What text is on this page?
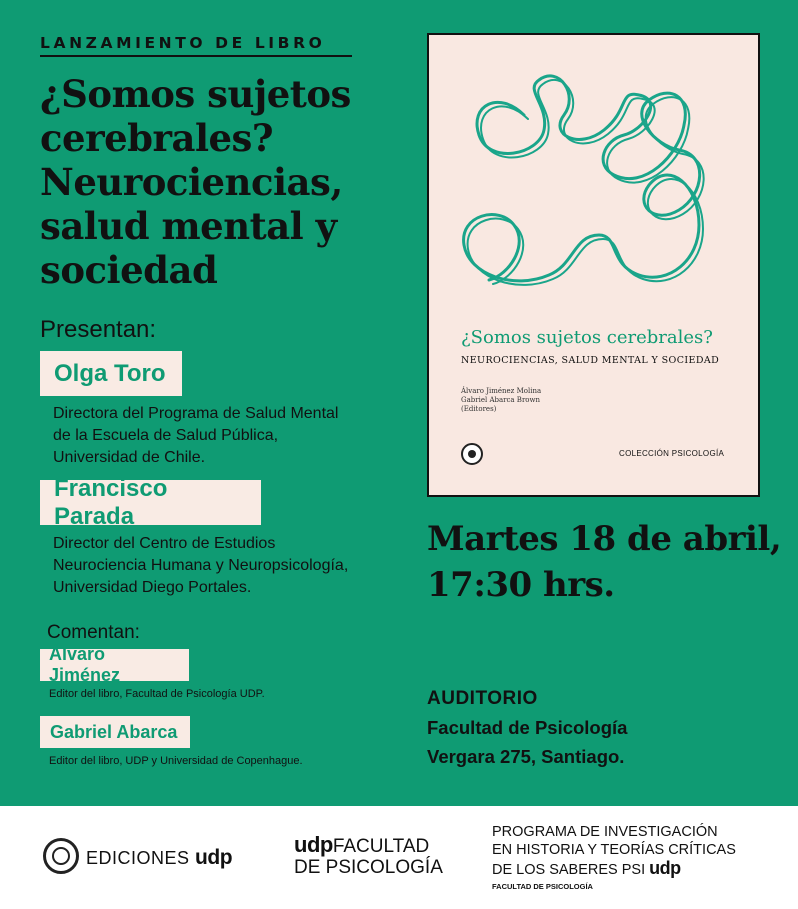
LANZAMIENTO DE LIBRO
¿Somos sujetos cerebrales? Neurociencias, salud mental y sociedad
Presentan:
Olga Toro
Directora del Programa de Salud Mental
de la Escuela de Salud Pública,
Universidad de Chile.
Francisco Parada
Director del Centro de Estudios
Neurociencia Humana y Neuropsicología,
Universidad Diego Portales.
Comentan:
Álvaro Jiménez
Editor del libro, Facultad de Psicología UDP.
Gabriel Abarca
Editor del libro, UDP y Universidad de Copenhague.
¿Somos sujetos cerebrales?
NEUROCIENCIAS, SALUD MENTAL Y SOCIEDAD
Álvaro Jiménez Molina
Gabriel Abarca Brown
(Editores)
COLECCIÓN PSICOLOGÍA
Martes 18 de abril,
17:30 hrs.
AUDITORIO
Facultad de Psicología
Vergara 275, Santiago.
EDICIONES udp
udpFACULTAD
DE PSICOLOGÍA
PROGRAMA DE INVESTIGACIÓN
EN HISTORIA Y TEORÍAS CRÍTICAS
DE LOS SABERES PSI udp
FACULTAD DE PSICOLOGÍA
